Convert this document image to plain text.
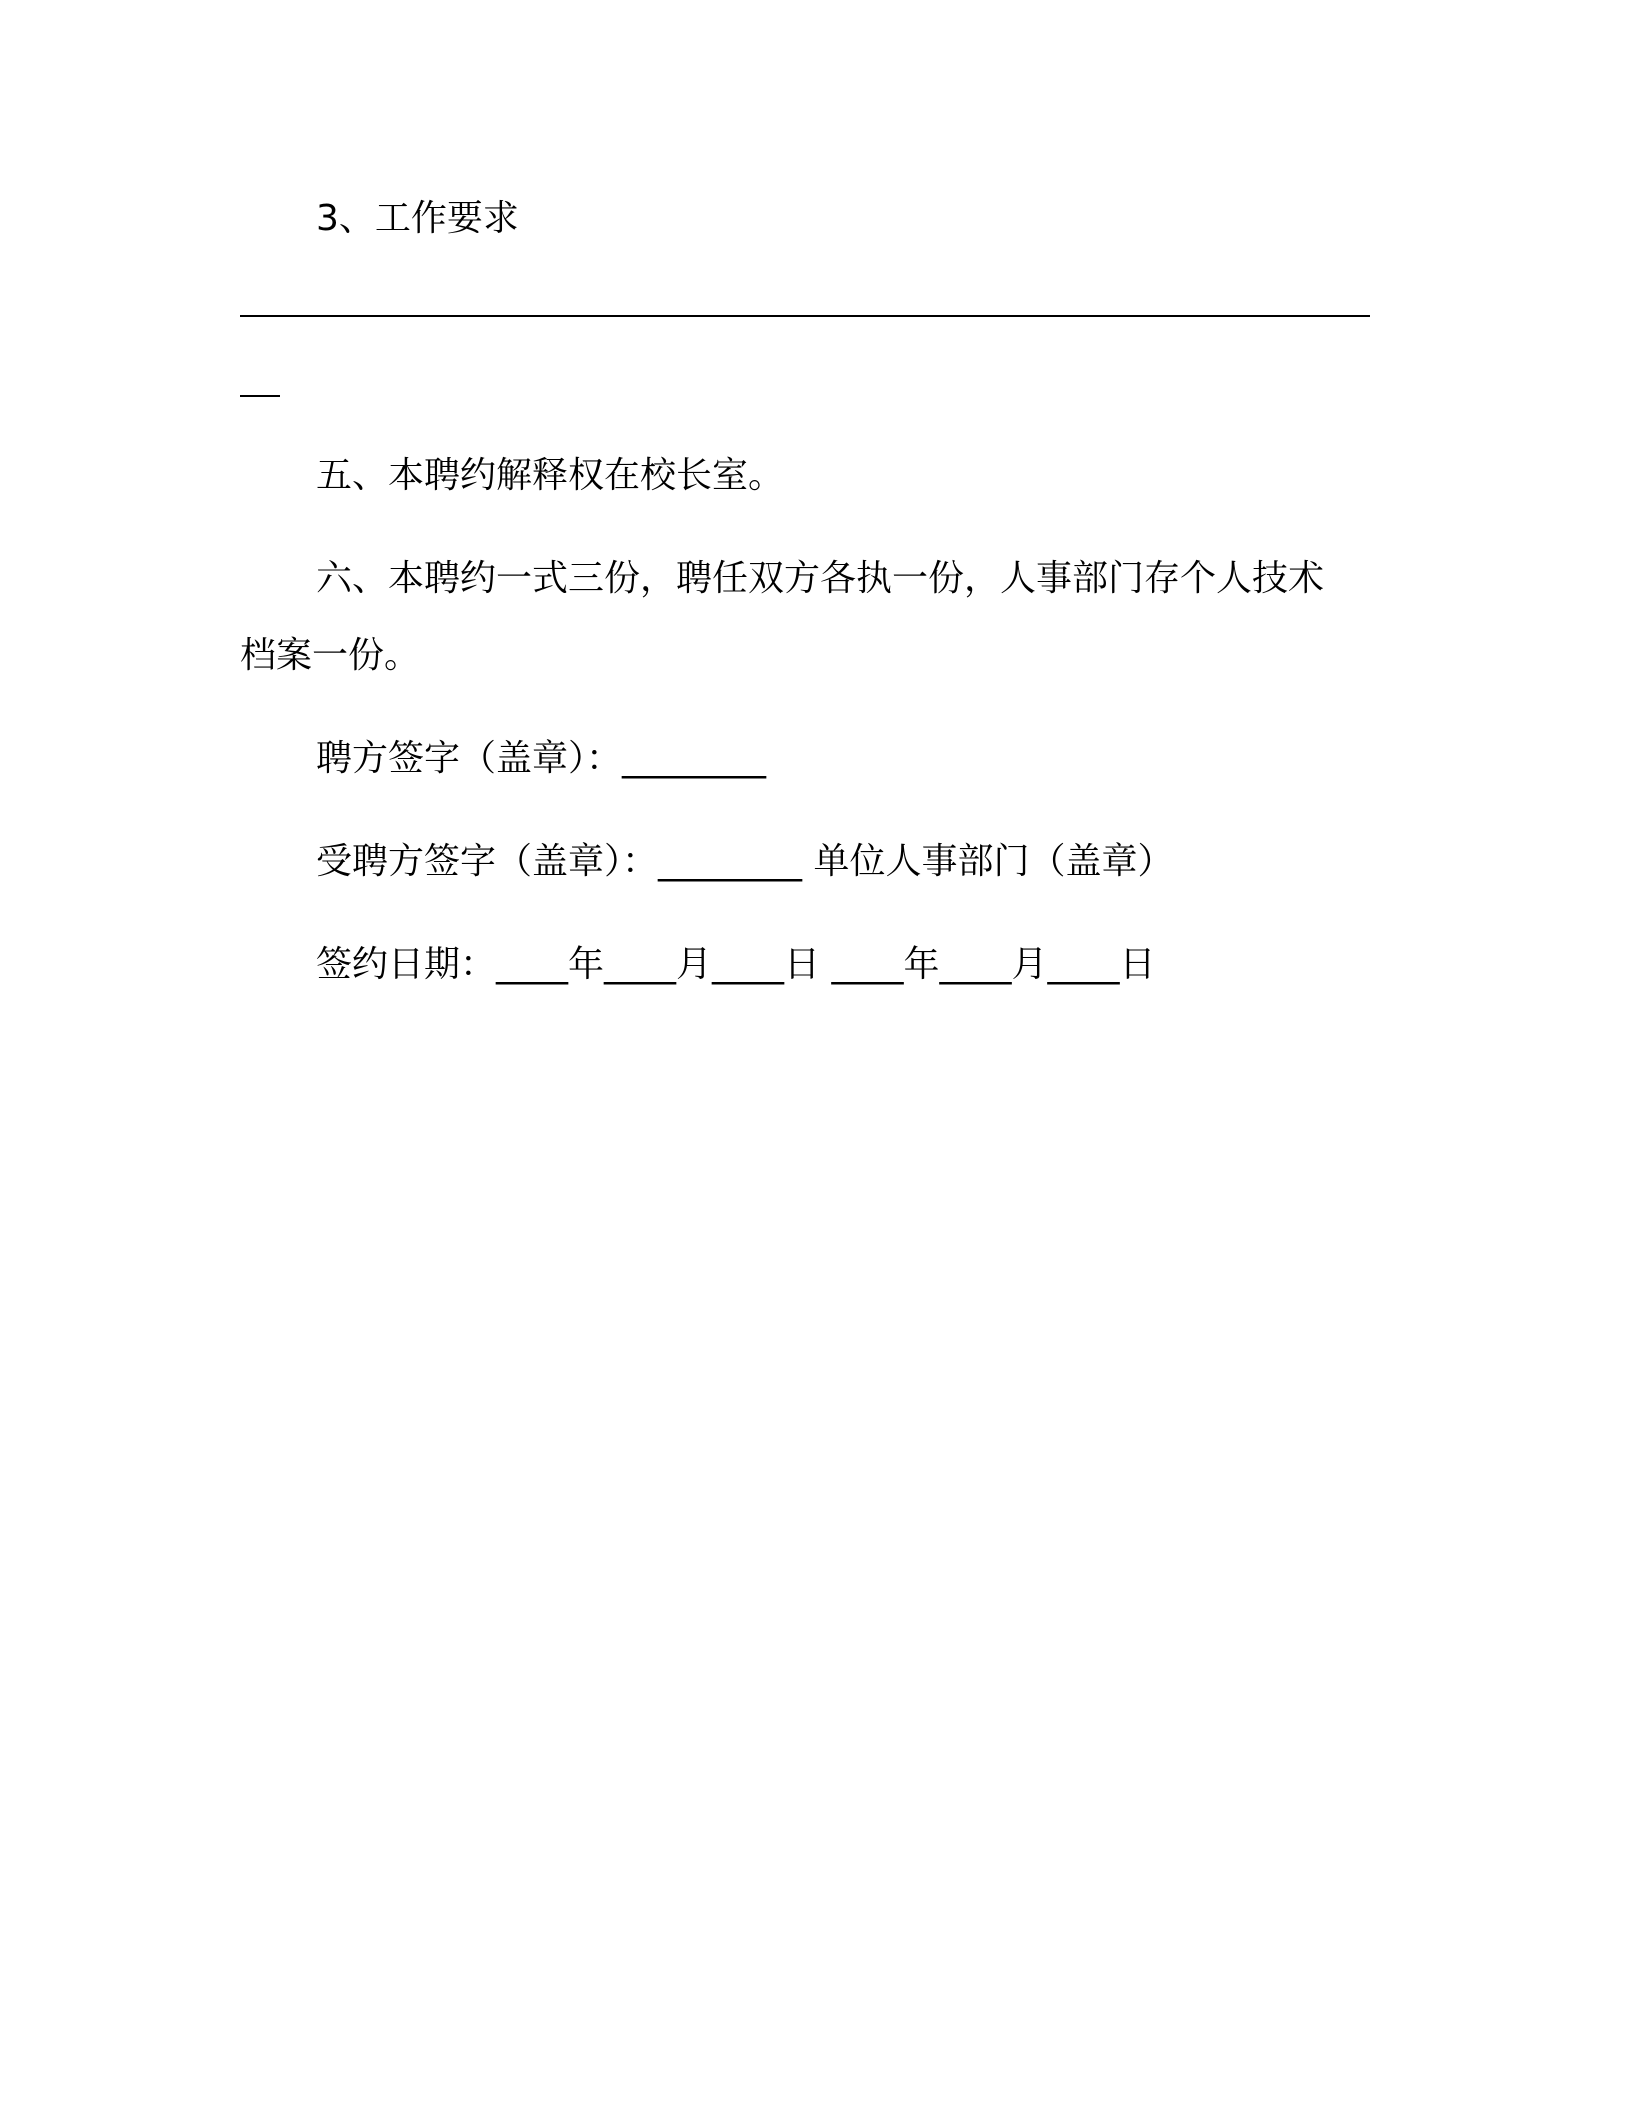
3、工作要求
五、本聘约解释权在校长室。
六、本聘约一式三份，聘任双方各执一份，人事部门存个人技术
档案一份。
聘方签字（盖章）：________
受聘方签字（盖章）：________ 单位人事部门（盖章）
签约日期：____年____月____日 ____年____月____日
